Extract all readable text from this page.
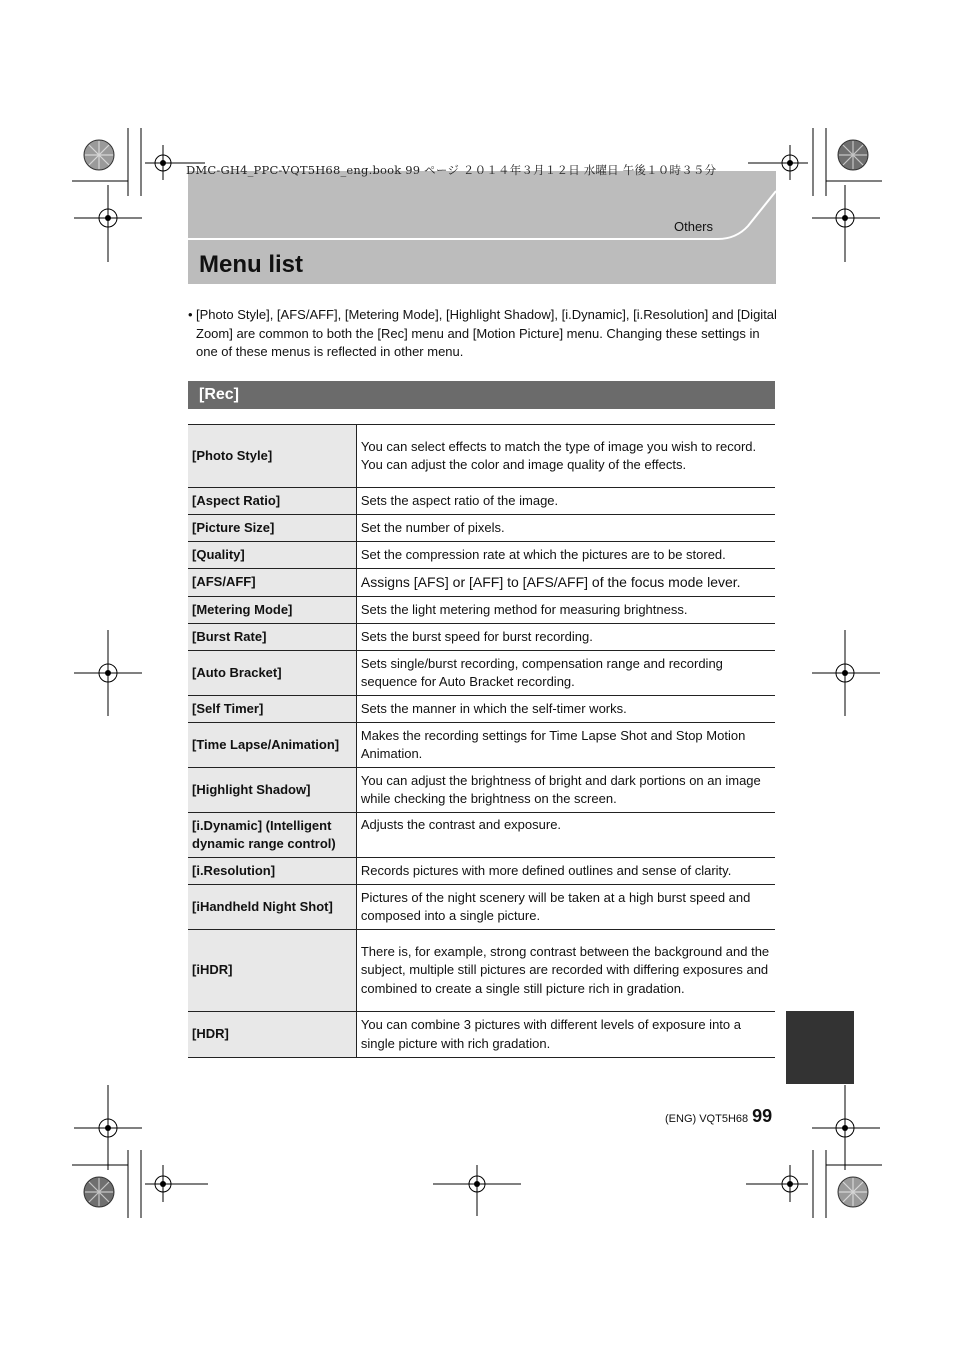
DMC-GH4_PPC-VQT5H68_eng.book 99 ページ ２０１４年３月１２日 水曜日 午後１０時３５分
Others
Menu list
• [Photo Style], [AFS/AFF], [Metering Mode], [Highlight Shadow], [i.Dynamic], [i.Resolution] and [Digital Zoom] are common to both the [Rec] menu and [Motion Picture] menu. Changing these settings in one of these menus is reflected in other menu.
[Rec]
[Photo Style]	You can select effects to match the type of image you wish to record.
You can adjust the color and image quality of the effects.
[Aspect Ratio]	Sets the aspect ratio of the image.
[Picture Size]	Set the number of pixels.
[Quality]	Set the compression rate at which the pictures are to be stored.
[AFS/AFF]	Assigns [AFS] or [AFF] to [AFS/AFF] of the focus mode lever.
[Metering Mode]	Sets the light metering method for measuring brightness.
[Burst Rate]	Sets the burst speed for burst recording.
[Auto Bracket]	Sets single/burst recording, compensation range and recording sequence for Auto Bracket recording.
[Self Timer]	Sets the manner in which the self-timer works.
[Time Lapse/Animation]	Makes the recording settings for Time Lapse Shot and Stop Motion Animation.
[Highlight Shadow]	You can adjust the brightness of bright and dark portions on an image while checking the brightness on the screen.
[i.Dynamic] (Intelligent dynamic range control)	Adjusts the contrast and exposure.
[i.Resolution]	Records pictures with more defined outlines and sense of clarity.
[iHandheld Night Shot]	Pictures of the night scenery will be taken at a high burst speed and composed into a single picture.
[iHDR]	There is, for example, strong contrast between the background and the subject, multiple still pictures are recorded with differing exposures and combined to create a single still picture rich in gradation.
[HDR]	You can combine 3 pictures with different levels of exposure into a single picture with rich gradation.
(ENG) VQT5H68 99
